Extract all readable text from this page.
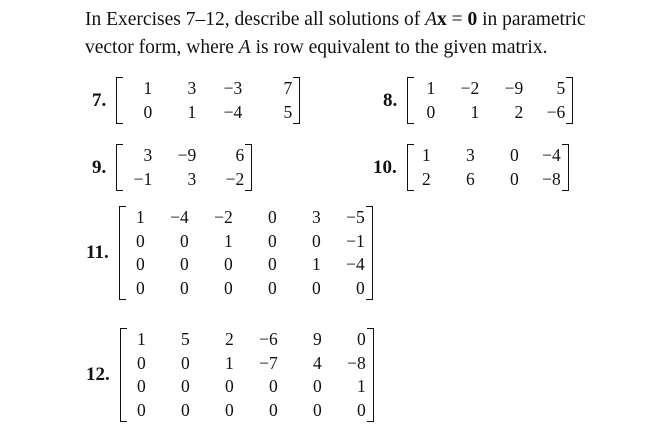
In Exercises 7–12, describe all solutions of Ax = 0 in parametric
vector form, where A is row equivalent to the given matrix.
7.
1	3	−3	7
0	1	−4	5
8.
1	−2	−9	5
0	1	2	−6
9.
3	−9	6
−1	3	−2
10.
1	3	0	−4
2	6	0	−8
11.
1	−4	−2	0	3	−5
0	0	1	0	0	−1
0	0	0	0	1	−4
0	0	0	0	0	0
12.
1	5	2	−6	9	0
0	0	1	−7	4	−8
0	0	0	0	0	1
0	0	0	0	0	0
